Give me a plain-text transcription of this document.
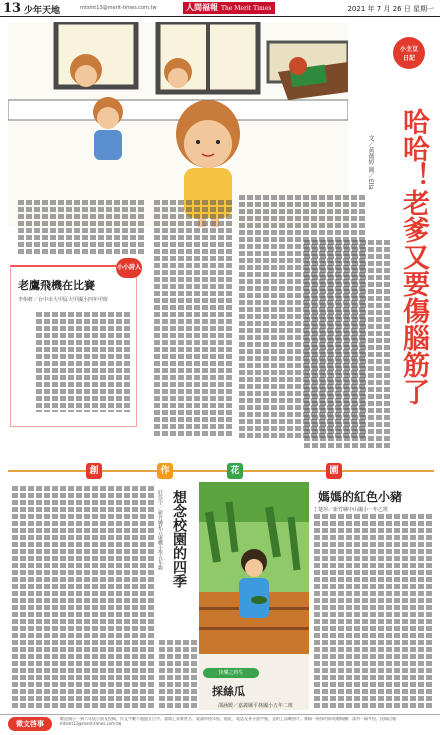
13 少年天地	mtsmt13@merit-times.com.tw	人間福報 The Merit Times	2021 年 7 月 26 日 星期一
小主豆
日記
哈哈！老爹又要傷腦筋了
文／黃薇婷 圖／Ella
小小詩人
老鷹飛機在比賽
李侑軒／台中市大甲區大甲國小四年甲班
創	作	花	園
想念校園的四季
莊佳宇／新竹縣私立康橋小學五年級
快樂之時生
採絲瓜
邵涵媛／嘉義縣平林國小五年二班
媽媽的紅色小豬
丁楚瑄／新竹縣中山國小一年乙班
徵文啓事
歡迎國小一到六年級小朋友投稿，作文字數不超過五百字。請填上真實姓名、就讀學校年級、地址、電話及身分證字號，並附上清晰照片。來稿一經採用即致贈稿酬，請勿一稿多投。投稿信箱：mtsmt13@merit-times.com.tw
